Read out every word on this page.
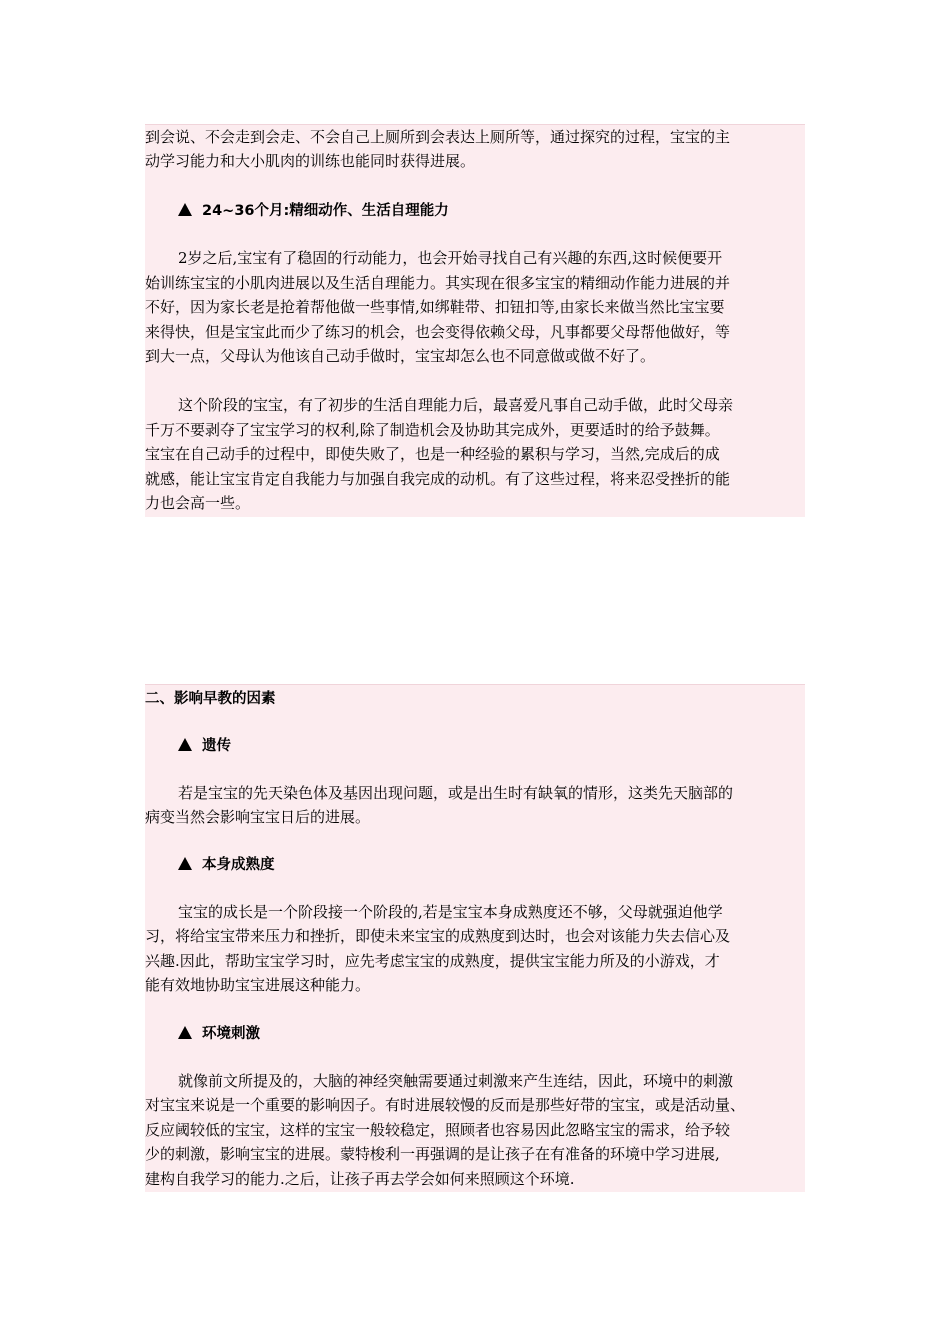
到会说、不会走到会走、不会自己上厕所到会表达上厕所等，通过探究的过程，宝宝的主
动学习能力和大小肌肉的训练也能同时获得进展。
24~36个月:精细动作、生活自理能力
2岁之后,宝宝有了稳固的行动能力，也会开始寻找自己有兴趣的东西,这时候便要开
始训练宝宝的小肌肉进展以及生活自理能力。其实现在很多宝宝的精细动作能力进展的并
不好，因为家长老是抢着帮他做一些事情,如绑鞋带、扣钮扣等,由家长来做当然比宝宝要
来得快，但是宝宝此而少了练习的机会，也会变得依赖父母，凡事都要父母帮他做好，等
到大一点，父母认为他该自己动手做时，宝宝却怎么也不同意做或做不好了。
这个阶段的宝宝，有了初步的生活自理能力后，最喜爱凡事自己动手做，此时父母亲
千万不要剥夺了宝宝学习的权利,除了制造机会及协助其完成外，更要适时的给予鼓舞。
宝宝在自己动手的过程中，即使失败了，也是一种经验的累积与学习，当然,完成后的成
就感，能让宝宝肯定自我能力与加强自我完成的动机。有了这些过程，将来忍受挫折的能
力也会高一些。
二、影响早教的因素
遗传
若是宝宝的先天染色体及基因出现问题，或是出生时有缺氧的情形，这类先天脑部的
病变当然会影响宝宝日后的进展。
本身成熟度
宝宝的成长是一个阶段接一个阶段的,若是宝宝本身成熟度还不够，父母就强迫他学
习，将给宝宝带来压力和挫折，即使未来宝宝的成熟度到达时，也会对该能力失去信心及
兴趣.因此，帮助宝宝学习时，应先考虑宝宝的成熟度，提供宝宝能力所及的小游戏，才
能有效地协助宝宝进展这种能力。
环境刺激
就像前文所提及的，大脑的神经突触需要通过刺激来产生连结，因此，环境中的刺激
对宝宝来说是一个重要的影响因子。有时进展较慢的反而是那些好带的宝宝，或是活动量、
反应阈较低的宝宝，这样的宝宝一般较稳定，照顾者也容易因此忽略宝宝的需求，给予较
少的刺激，影响宝宝的进展。蒙特梭利一再强调的是让孩子在有准备的环境中学习进展,
建构自我学习的能力.之后，让孩子再去学会如何来照顾这个环境.
